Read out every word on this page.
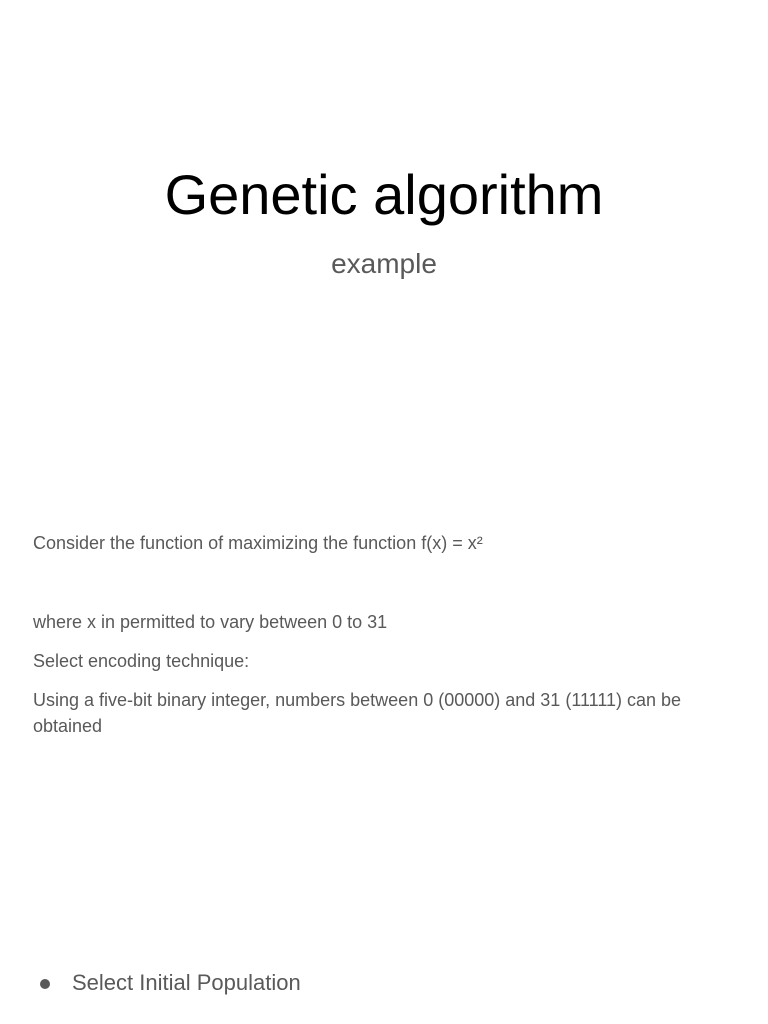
Genetic algorithm
example

Consider the function of maximizing the function f(x) = x²

where x in permitted to vary between 0 to 31

Select encoding technique:

Using a five-bit binary integer, numbers between 0 (00000) and 31 (11111) can be obtained

Select Initial Population
